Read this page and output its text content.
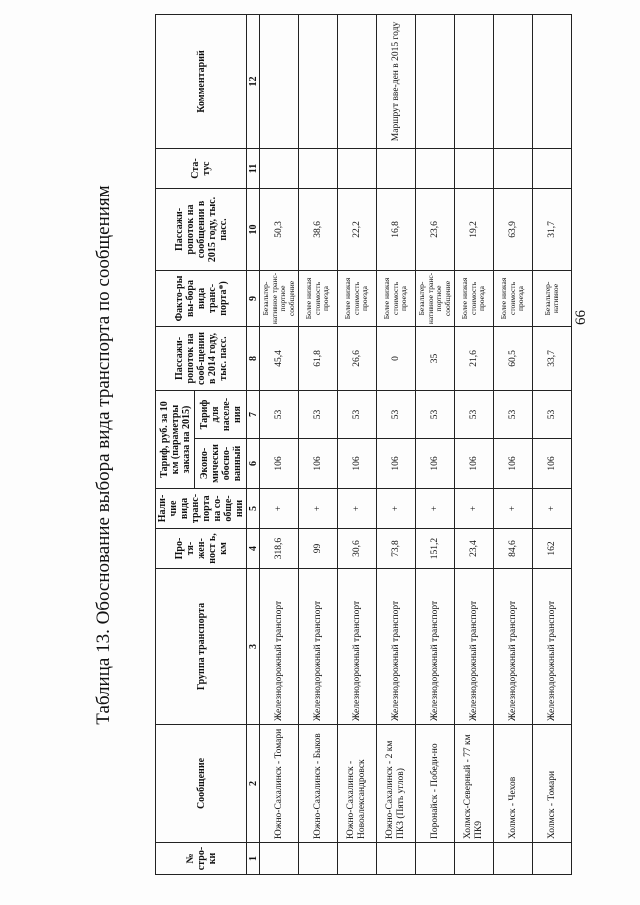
Таблица 13. Обоснование выбора вида транспорта по сообщениям
№ стро-ки	Сообщение	Группа транспорта	Про-тя-жен-ност ь, км	Нали-чие вида транс-порта на со-обще-нии	Тариф, руб. за 10 км (параметры заказа на 2015)		Пассажи-ропоток на сооб-щении в 2014 году, тыс. пасс.	Факто-ры вы-бора вида транс-порта*)	Пассажи-ропоток на сообщении в 2015 году, тыс. пасс.	Ста-тус	Комментарий
					Эконо-мически обосно-ванный	Тариф для населе-ния					
1	2	3	4	5	6	7	8	9	10	11	12
	Южно-Сахалинск - Томари	Железнодорожный транспорт	318,6	+	106	53	45,4	Безальтер-нативное транс-портное сообщение	50,3		
	Южно-Сахалинск - Быков	Железнодорожный транспорт	99	+	106	53	61,8	Более низкая стоимость проезда	38,6		
	Южно-Сахалинск - Новоалександровск	Железнодорожный транспорт	30,6	+	106	53	26,6	Более низкая стоимость проезда	22,2		
	Южно-Сахалинск - 2 км ПКЗ (Пять углов)	Железнодорожный транспорт	73,8	+	106	53	0	Более низкая стоимость проезда	16,8		Маршрут вве-ден в 2015 году
	Поронайск - Победи-но	Железнодорожный транспорт	151,2	+	106	53	35	Безальтер-нативное транс-портное сообщение	23,6		
	Холмск-Северный - 77 км ПК9	Железнодорожный транспорт	23,4	+	106	53	21,6	Более низкая стоимость проезда	19,2		
	Холмск - Чехов	Железнодорожный транспорт	84,6	+	106	53	60,5	Более низкая стоимость проезда	63,9		
	Холмск - Томари	Железнодорожный транспорт	162	+	106	53	33,7	Безальтер-нативное	31,7		
66
